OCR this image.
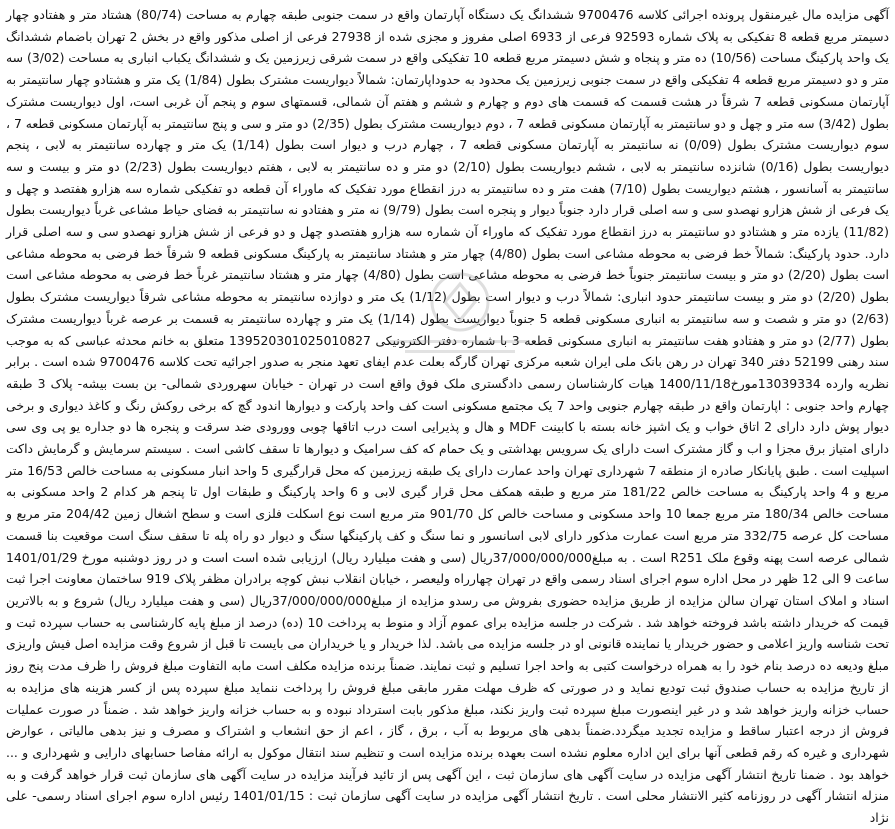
آگهی مزایده مال غیرمنقول پرونده اجرائی کلاسه 9700476 ششدانگ یک دستگاه آپارتمان واقع در سمت جنوبی طبقه چهارم به مساحت (80/74) هشتاد متر و هفتادو چهار دسیمتر مربع قطعه 8 تفکیکی به پلاک شماره 92593 فرعی از 6933 اصلی مفروز و مجزی شده از 27938 فرعی از اصلی مذکور واقع در بخش 2 تهران باضمام ششدانگ یک واحد پارکینگ مساحت (10/56) ده متر و پنجاه و شش دسیمتر مربع قطعه 10 تفکیکی واقع در سمت شرقی زیرزمین یک و ششدانگ یکباب انباری به مساحت (3/02) سه متر و دو دسیمتر مربع قطعه 4 تفکیکی واقع در سمت جنوبی زیرزمین یک محدود به حدوداپارتمان: شمالاً دیواریست مشترک بطول (1/84) یک متر و هشتادو چهار سانتیمتر به آپارتمان مسکونی قطعه 7 شرقاً در هشت قسمت که قسمت های دوم و چهارم و ششم و هفتم آن شمالی، قسمتهای سوم و پنجم آن غربی است، اول دیواریست مشترک بطول (3/42) سه متر و چهل و دو سانتیمتر به آپارتمان مسکونی قطعه 7 ، دوم دیواریست مشترک بطول (2/35) دو متر و سی و پنج سانتیمتر به آپارتمان مسکونی قطعه 7 ، سوم دیواریست مشترک بطول (0/09) نه سانتیمتر به آپارتمان مسکونی قطعه 7 ، چهارم درب و دیوار است بطول (1/14) یک متر و چهارده سانتیمتر به لابی ، پنجم دیواریست بطول (0/16) شانزده سانتیمتر به لابی ، ششم دیواریست بطول (2/10) دو متر و ده سانتیمتر به لابی ، هفتم دیواریست بطول (2/23) دو متر و بیست و سه سانتیمتر به آسانسور ، هشتم دیواریست بطول (7/10) هفت متر و ده سانتیمتر به درز انقطاع مورد تفکیک که ماوراء آن قطعه دو تفکیکی شماره سه هزارو هفتصد و چهل و یک فرعی از شش هزارو نهصدو سی و سه اصلی قرار دارد جنوباً دیوار و پنجره است بطول (9/79) نه متر و هفتادو نه سانتیمتر به فضای حیاط مشاعی غرباً دیواریست بطول (11/82) یازده متر و هشتادو دو سانتیمتر به درز انقطاع مورد تفکیک که ماوراء آن شماره سه هزارو هفتصدو چهل و دو فرعی از شش هزارو نهصدو سی و سه اصلی قرار دارد. حدود پارکینگ: شمالاً خط فرضی به محوطه مشاعی است بطول (4/80) چهار متر و هشتاد سانتیمتر به پارکینگ مسکونی قطعه 9 شرقاً خط فرضی به محوطه مشاعی است بطول (2/20) دو متر و بیست سانتیمتر جنوباً خط فرضی به محوطه مشاعی است بطول (4/80) چهار متر و هشتاد سانتیمتر غرباً خط فرضی به محوطه مشاعی است بطول (2/20) دو متر و بیست سانتیمتر حدود انباری: شمالاً درب و دیوار است بطول (1/12) یک متر و دوازده سانتیمتر به محوطه مشاعی شرقاً دیواریست مشترک بطول (2/63) دو متر و شصت و سه سانتیمتر به انباری مسکونی قطعه 5 جنوباً دیواریست بطول (1/14) یک متر و چهارده سانتیمتر به قسمت بر عرصه غرباً دیواریست مشترک بطول (2/77) دو متر و هفتادو هفت سانتیمتر به انباری مسکونی قطعه 3 با شماره دفتر الکترونیکی 139520301025010827 متعلق به خانم محدثه عباسی که به موجب سند رهنی 52199 دفتر 340 تهران در رهن بانک ملی ایران شعبه مرکزی تهران گارگه بعلت عدم ایفای تعهد منجر به صدور اجرائیه تحت کلاسه 9700476 شده است . برابر نظریه وارده 13039334مورخ1400/11/18 هیات کارشناسان رسمی دادگستری ملک فوق واقع است در تهران - خیابان سهروردی شمالی- بن بست بیشه- پلاک 3 طبقه چهارم واحد جنوبی : اپارتمان واقع در طبقه چهارم جنوبی واحد 7 یک مجتمع مسکونی است کف واحد پارکت و دیوارها اندود گچ که برخی روکش رنگ و کاغذ دیواری و برخی دیوار پوش دارد دارای 2 اتاق خواب و یک اشپز خانه بسته با کابینت MDF و هال و پذیرایی است درب اتاقها چوبی وورودی ضد سرقت و پنجره ها دو جداره یو پی وی سی دارای امتیاز برق مجزا و اب و گاز مشترک است دارای یک سرویس بهداشتی و یک حمام که کف سرامیک و دیوارها تا سقف کاشی است . سیستم سرمایش و گرمایش داکت اسپلیت است . طبق پایانکار صادره از منطقه 7 شهرداری تهران واحد عمارت دارای یک طبقه زیرزمین که محل قرارگیری 5 واحد انبار مسکونی به مساحت خالص 16/53 متر مربع و 4 واحد پارکینگ به مساحت خالص 181/22 متر مربع و طبقه همکف محل قرار گیری لابی و 6 واحد پارکینگ و طبقات اول تا پنجم هر کدام 2 واحد مسکونی به مساحت خالص 180/34 متر مربع جمعا 10 واحد مسکونی و مساحت خالص کل 901/70 متر مربع است نوع اسکلت فلزی است و سطح اشغال زمین 204/42 متر مربع و مساحت کل عرصه 332/75 متر مربع است عمارت مذکور دارای لابی اسانسور و نما سنگ و کف پارکینگها سنگ و دیوار دو راه پله تا سقف سنگ است موقعیت بنا قسمت شمالی عرصه است پهنه وقوع ملک R251 است . به مبلغ37/000/000/000ریال (سی و هفت میلیارد ریال) ارزیابی شده است است و در روز دوشنبه مورخ 1401/01/29 ساعت 9 الی 12 ظهر در محل اداره سوم اجرای اسناد رسمی واقع در تهران چهارراه ولیعصر ، خیابان انقلاب نبش کوچه برادران مظفر پلاک 919 ساختمان معاونت اجرا ثبت اسناد و املاک استان تهران سالن مزایده از طریق مزایده حضوری بفروش می رسدو مزایده از مبلغ37/000/000/000ریال (سی و هفت میلیارد ریال) شروع و به بالاترین قیمت که خریدار داشته باشد فروخته خواهد شد . شرکت در جلسه مزایده برای عموم آزاد و منوط به پرداخت 10 (ده) درصد از مبلغ پایه کارشناسی به حساب سپرده ثبت و تحت شناسه واریز اعلامی و حضور خریدار یا نماینده قانونی او در جلسه مزایده می باشد. لذا خریدار و یا خریداران می بایست تا قبل از شروع وقت مزایده اصل فیش واریزی مبلغ ودیعه ده درصد بنام خود را به همراه درخواست کتبی به واحد اجرا تسلیم و ثبت نمایند. ضمناً برنده مزایده مکلف است مابه التفاوت مبلغ فروش را ظرف مدت پنج روز از تاریخ مزایده به حساب صندوق ثبت تودیع نماید و در صورتی که ظرف مهلت مقرر مابقی مبلغ فروش را پرداخت ننماید مبلغ سپرده پس از کسر هزینه های مزایده به حساب خزانه واریز خواهد شد و در غیر اینصورت مبلغ سپرده ثبت واریز نکند، مبلغ مذکور بابت استرداد نبوده و به حساب خزانه واریز خواهد شد . ضمناً در صورت عملیات فروش از درجه اعتبار ساقط و مزایده تجدید میگردد.ضمناً بدهی های مربوط به آب ، برق ، گاز ، اعم از حق انشعاب و اشتراک و مصرف و نیز بدهی مالیاتی ، عوارض شهرداری و غیره که رقم قطعی آنها برای این اداره معلوم نشده است بعهده برنده مزایده است و تنظیم سند انتقال موکول به ارائه مفاصا حسابهای دارایی و شهرداری و ... خواهد بود . ضمنا تاریخ انتشار آگهی مزایده در سایت آگهی های سازمان ثبت ، این آگهی پس از تائید فرآیند مزایده در سایت آگهی های سازمان ثبت قرار خواهد گرفت و به منزله انتشار آگهی در روزنامه کثیر الانتشار محلی است . تاریخ انتشار آگهی مزایده در سایت آگهی سازمان ثبت : 1401/01/15 رئیس اداره سوم اجرای اسناد رسمی- علی نژاد
